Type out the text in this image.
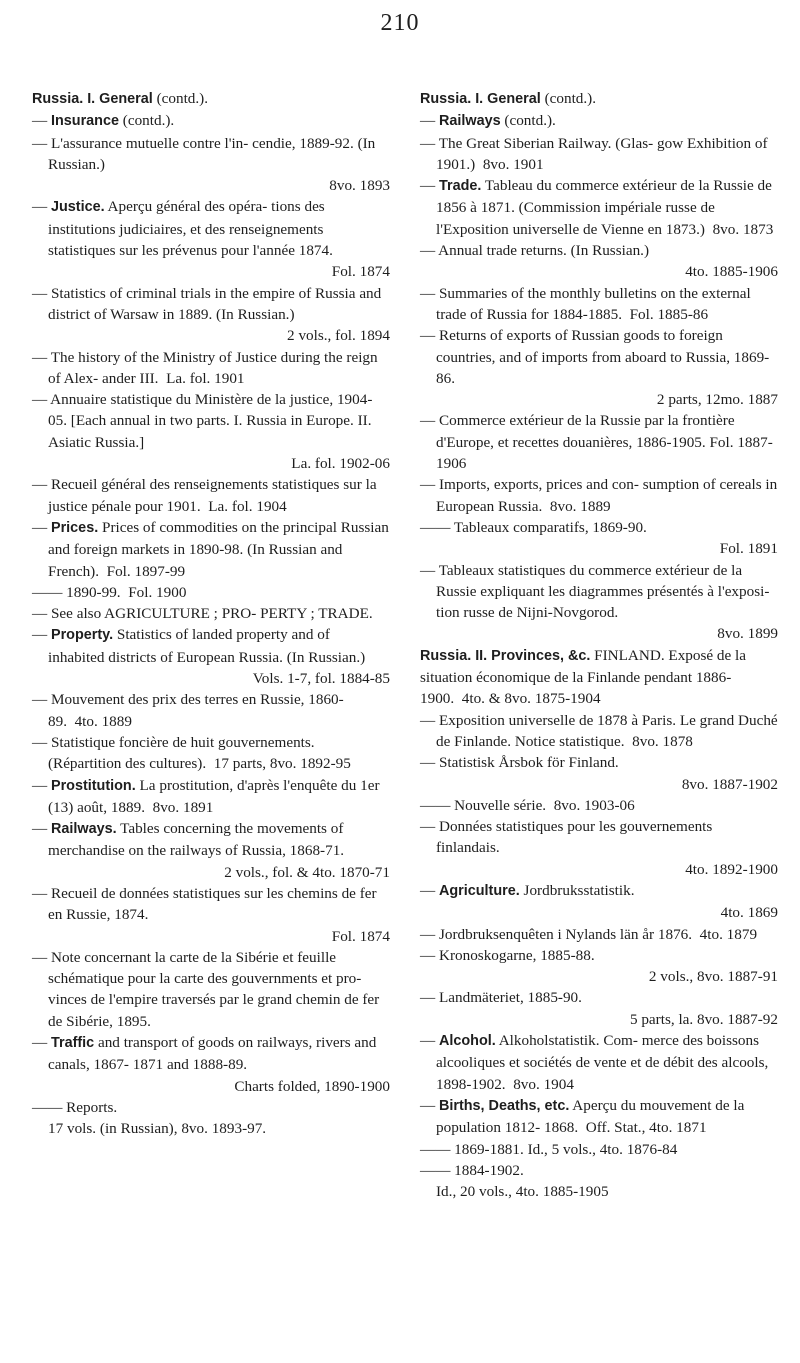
210

Russia. I. General (contd.).

— Insurance (contd.).

— L'assurance mutuelle contre l'in- cendie, 1889-92. (In Russian.)
8vo. 1893

— Justice. Aperçu général des opéra- tions des institutions judiciaires, et des renseignements statistiques sur les prévenus pour l'année 1874.
Fol. 1874

— Statistics of criminal trials in the empire of Russia and district of Warsaw in 1889. (In Russian.)
2 vols., fol. 1894

— The history of the Ministry of Justice during the reign of Alex- ander III. La. fol. 1901

— Annuaire statistique du Ministère de la justice, 1904-05. [Each annual in two parts. I. Russia in Europe. II. Asiatic Russia.]
La. fol. 1902-06

— Recueil général des renseignements statistiques sur la justice pénale pour 1901. La. fol. 1904

— Prices. Prices of commodities on the principal Russian and foreign markets in 1890-98. (In Russian and French). Fol. 1897-99

—— 1890-99. Fol. 1900

— See also AGRICULTURE ; PRO- PERTY ; TRADE.

— Property. Statistics of landed property and of inhabited districts of European Russia. (In Russian.)
Vols. 1-7, fol. 1884-85

— Mouvement des prix des terres en Russie, 1860-89. 4to. 1889

— Statistique foncière de huit gouvernements. (Répartition des cultures). 17 parts, 8vo. 1892-95

— Prostitution. La prostitution, d'après l'enquête du 1er (13) août, 1889. 8vo. 1891

— Railways. Tables concerning the movements of merchandise on the railways of Russia, 1868-71.
2 vols., fol. & 4to. 1870-71

— Recueil de données statistiques sur les chemins de fer en Russie, 1874.
Fol. 1874

— Note concernant la carte de la Sibérie et feuille schématique pour la carte des gouvernments et pro- vinces de l'empire traversés par le grand chemin de fer de Sibérie, 1895.

— Traffic and transport of goods on railways, rivers and canals, 1867- 1871 and 1888-89.
Charts folded, 1890-1900

—— Reports.

17 vols. (in Russian), 8vo. 1893-97.

Russia. I. General (contd.).

— Railways (contd.).

— The Great Siberian Railway. (Glas- gow Exhibition of 1901.) 8vo. 1901

— Trade. Tableau du commerce extérieur de la Russie de 1856 à 1871. (Commission impériale russe de l'Exposition universelle de Vienne en 1873.) 8vo. 1873

— Annual trade returns. (In Russian.)
4to. 1885-1906

— Summaries of the monthly bulletins on the external trade of Russia for 1884-1885. Fol. 1885-86

— Returns of exports of Russian goods to foreign countries, and of imports from aboard to Russia, 1869-86.
2 parts, 12mo. 1887

— Commerce extérieur de la Russie par la frontière d'Europe, et recettes douanières, 1886-1905. Fol. 1887-1906

— Imports, exports, prices and con- sumption of cereals in European Russia. 8vo. 1889

—— Tableaux comparatifs, 1869-90.
Fol. 1891

— Tableaux statistiques du commerce extérieur de la Russie expliquant les diagrammes présentés à l'exposi- tion russe de Nijni-Novgorod.
8vo. 1899

Russia. II. Provinces, &c. FINLAND. Exposé de la situation économique de la Finlande pendant 1886-1900. 4to. & 8vo. 1875-1904

— Exposition universelle de 1878 à Paris. Le grand Duché de Finlande. Notice statistique. 8vo. 1878

— Statistisk Årsbok för Finland.
8vo. 1887-1902

—— Nouvelle série. 8vo. 1903-06

— Données statistiques pour les gouvernements finlandais.
4to. 1892-1900

— Agriculture. Jordbruksstatistik.
4to. 1869

— Jordbruksenquêten i Nylands län år 1876. 4to. 1879

— Kronoskogarne, 1885-88.
2 vols., 8vo. 1887-91

— Landmäteriet, 1885-90.
5 parts, la. 8vo. 1887-92

— Alcohol. Alkoholstatistik. Com- merce des boissons alcooliques et sociétés de vente et de débit des alcools, 1898-1902. 8vo. 1904

— Births, Deaths, etc. Aperçu du mouvement de la population 1812- 1868. Off. Stat., 4to. 1871

—— 1869-1881. Id., 5 vols., 4to. 1876-84

—— 1884-1902.

Id., 20 vols., 4to. 1885-1905
